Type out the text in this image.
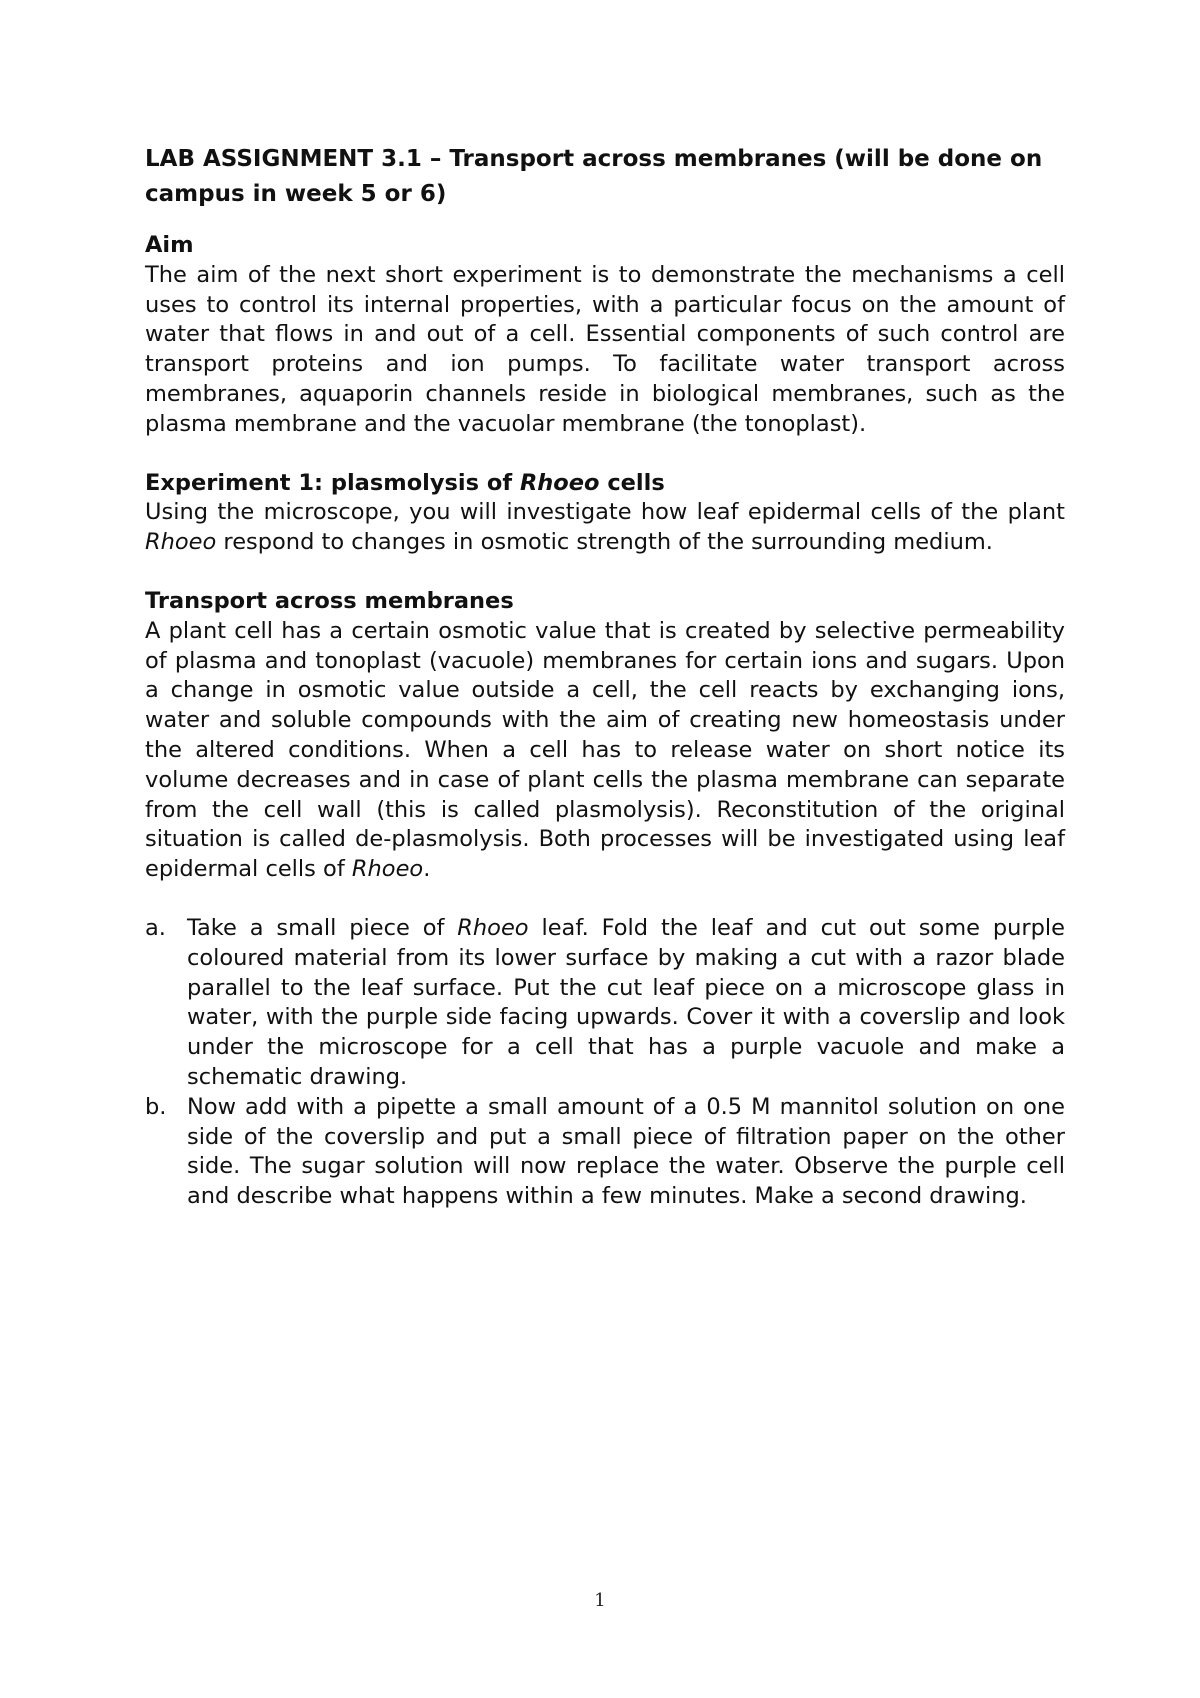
LAB ASSIGNMENT 3.1 – Transport across membranes (will be done on campus in week 5 or 6)
Aim

The aim of the next short experiment is to demonstrate the mechanisms a cell uses to control its internal properties, with a particular focus on the amount of water that flows in and out of a cell. Essential components of such control are transport proteins and ion pumps. To facilitate water transport across membranes, aquaporin channels reside in biological membranes, such as the plasma membrane and the vacuolar membrane (the tonoplast).

Experiment 1: plasmolysis of Rhoeo cells

Using the microscope, you will investigate how leaf epidermal cells of the plant Rhoeo respond to changes in osmotic strength of the surrounding medium.

Transport across membranes

A plant cell has a certain osmotic value that is created by selective permeability of plasma and tonoplast (vacuole) membranes for certain ions and sugars. Upon a change in osmotic value outside a cell, the cell reacts by exchanging ions, water and soluble compounds with the aim of creating new homeostasis under the altered conditions. When a cell has to release water on short notice its volume decreases and in case of plant cells the plasma membrane can separate from the cell wall (this is called plasmolysis). Reconstitution of the original situation is called de-plasmolysis. Both processes will be investigated using leaf epidermal cells of Rhoeo.

a. Take a small piece of Rhoeo leaf. Fold the leaf and cut out some purple coloured material from its lower surface by making a cut with a razor blade parallel to the leaf surface. Put the cut leaf piece on a microscope glass in water, with the purple side facing upwards. Cover it with a coverslip and look under the microscope for a cell that has a purple vacuole and make a schematic drawing.
b. Now add with a pipette a small amount of a 0.5 M mannitol solution on one side of the coverslip and put a small piece of filtration paper on the other side. The sugar solution will now replace the water. Observe the purple cell and describe what happens within a few minutes. Make a second drawing.
1
